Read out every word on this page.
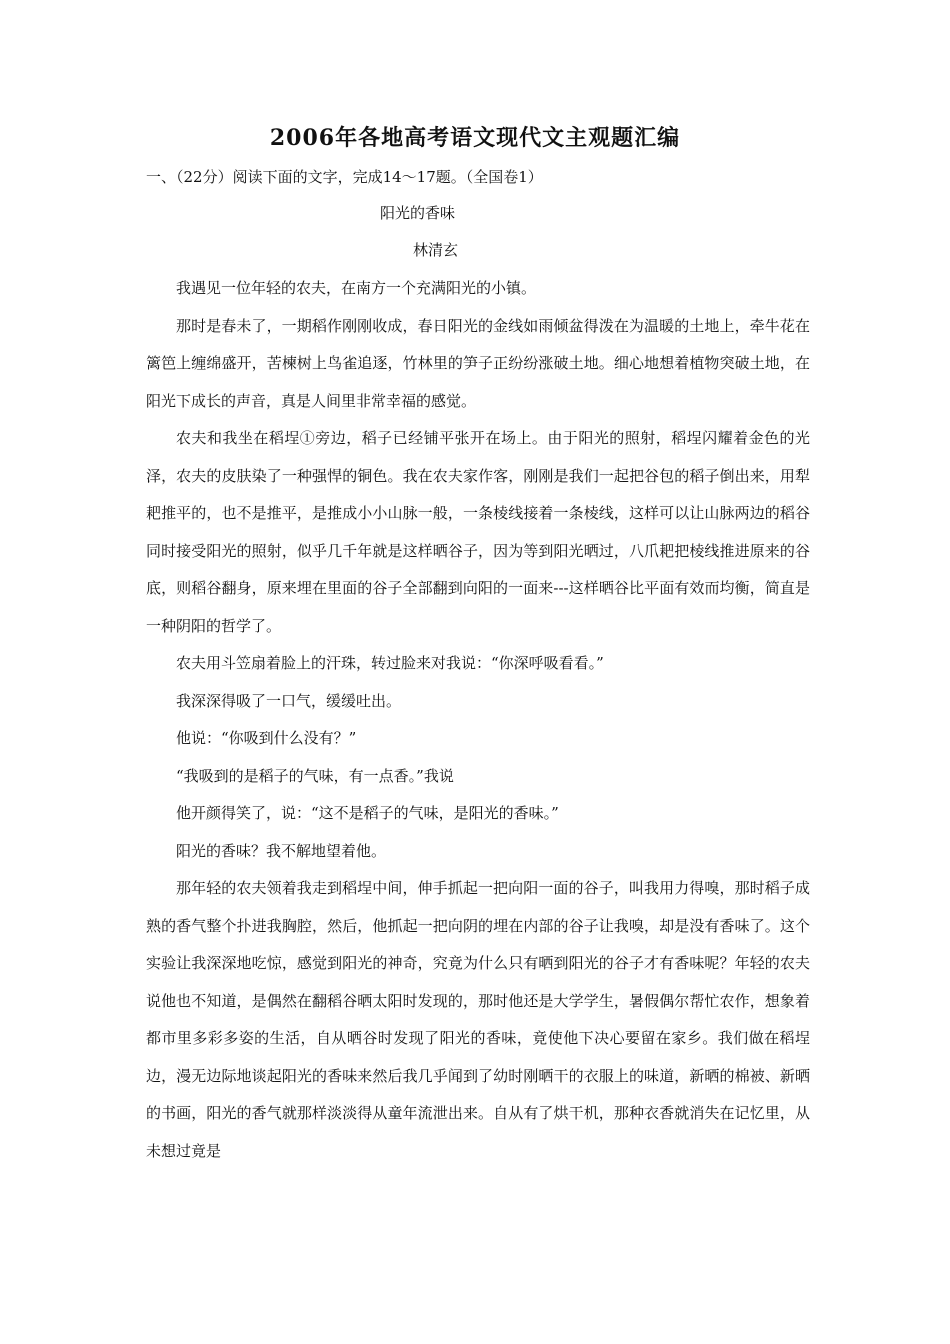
2006年各地高考语文现代文主观题汇编
一、（22分）阅读下面的文字，完成14～17题。（全国卷1）
阳光的香味
林清玄

我遇见一位年轻的农夫，在南方一个充满阳光的小镇。

那时是春未了，一期稻作刚刚收成，春日阳光的金线如雨倾盆得泼在为温暖的土地上，牵牛花在篱笆上缠绵盛开，苦楝树上鸟雀追逐，竹林里的笋子正纷纷涨破土地。细心地想着植物突破土地，在阳光下成长的声音，真是人间里非常幸福的感觉。

农夫和我坐在稻埕①旁边，稻子已经铺平张开在场上。由于阳光的照射，稻埕闪耀着金色的光泽，农夫的皮肤染了一种强悍的铜色。我在农夫家作客，刚刚是我们一起把谷包的稻子倒出来，用犁耙推平的，也不是推平，是推成小小山脉一般，一条棱线接着一条棱线，这样可以让山脉两边的稻谷同时接受阳光的照射，似乎几千年就是这样晒谷子，因为等到阳光晒过，八爪耙把棱线推进原来的谷底，则稻谷翻身，原来埋在里面的谷子全部翻到向阳的一面来---这样晒谷比平面有效而均衡，简直是一种阴阳的哲学了。

农夫用斗笠扇着脸上的汗珠，转过脸来对我说：“你深呼吸看看。”

我深深得吸了一口气，缓缓吐出。

他说：“你吸到什么没有？”

“我吸到的是稻子的气味，有一点香。”我说

他开颜得笑了，说：“这不是稻子的气味，是阳光的香味。”

阳光的香味？我不解地望着他。

那年轻的农夫领着我走到稻埕中间，伸手抓起一把向阳一面的谷子，叫我用力得嗅，那时稻子成熟的香气整个扑进我胸腔，然后，他抓起一把向阴的埋在内部的谷子让我嗅，却是没有香味了。这个实验让我深深地吃惊，感觉到阳光的神奇，究竟为什么只有晒到阳光的谷子才有香味呢？年轻的农夫说他也不知道，是偶然在翻稻谷晒太阳时发现的，那时他还是大学学生，暑假偶尔帮忙农作，想象着都市里多彩多姿的生活，自从晒谷时发现了阳光的香味，竟使他下决心要留在家乡。我们做在稻埕边，漫无边际地谈起阳光的香味来然后我几乎闻到了幼时刚晒干的衣服上的味道，新晒的棉被、新晒的书画，阳光的香气就那样淡淡得从童年流泄出来。自从有了烘干机，那种衣香就消失在记忆里，从未想过竟是
